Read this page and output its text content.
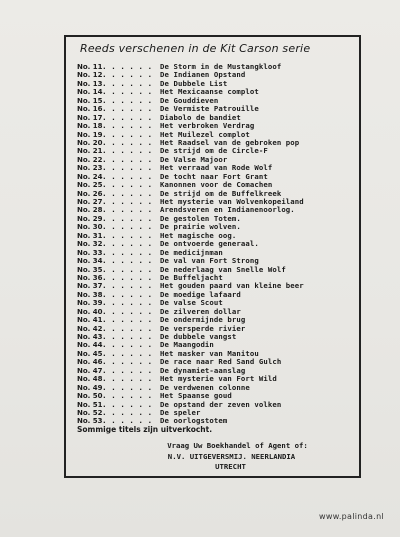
Reeds verschenen in de Kit Carson serie
No. 11 . . . . . . De Storm in de Mustangkloof
No. 12 . . . . . . De Indianen Opstand
No. 13 . . . . . . De Dubbele List
No. 14 . . . . . . Het Mexicaanse complot
No. 15 . . . . . . De Gouddieven
No. 16 . . . . . . De Vermiste Patrouille
No. 17 . . . . . . Diabolo de bandiet
No. 18 . . . . . . Het verbroken Verdrag
No. 19 . . . . . . Het Muilezel complot
No. 20 . . . . . . Het Raadsel van de gebroken pop
No. 21 . . . . . . De strijd om de Circle-F
No. 22 . . . . . . De Valse Majoor
No. 23 . . . . . . Het verraad van Rode Wolf
No. 24 . . . . . . De tocht naar Fort Grant
No. 25 . . . . . . Kanonnen voor de Comachen
No. 26 . . . . . . De strijd om de Buffelkreek
No. 27 . . . . . . Het mysterie van Wolvenkopeiland
No. 28 . . . . . . Arendsveren en Indianenoorlog.
No. 29 . . . . . . De gestolen Totem.
No. 30 . . . . . . De prairie wolven.
No. 31 . . . . . . Het magische oog.
No. 32 . . . . . . De ontvoerde generaal.
No. 33 . . . . . . De medicijnman
No. 34 . . . . . . De val van Fort Strong
No. 35 . . . . . . De nederlaag van Snelle Wolf
No. 36 . . . . . . De Buffeljacht
No. 37 . . . . . . Het gouden paard van kleine beer
No. 38 . . . . . . De moedige lafaard
No. 39 . . . . . . De valse Scout
No. 40 . . . . . . De zilveren dollar
No. 41 . . . . . . De ondermijnde brug
No. 42 . . . . . . De versperde rivier
No. 43 . . . . . . De dubbele vangst
No. 44 . . . . . . De Maangodin
No. 45 . . . . . . Het masker van Manitou
No. 46 . . . . . . De race naar Red Sand Gulch
No. 47 . . . . . . De dynamiet-aanslag
No. 48 . . . . . . Het mysterie van Fort Wild
No. 49 . . . . . . De verdwenen colonne
No. 50 . . . . . . Het Spaanse goud
No. 51 . . . . . . De opstand der zeven volken
No. 52 . . . . . . De speler
No. 53 . . . . . . De oorlogstotem
Sommige titels zijn uitverkocht.
Vraag Uw Boekhandel of Agent of:
N.V. UITGEVERSMIJ. NEERLANDIA
UTRECHT
www.palinda.nl
